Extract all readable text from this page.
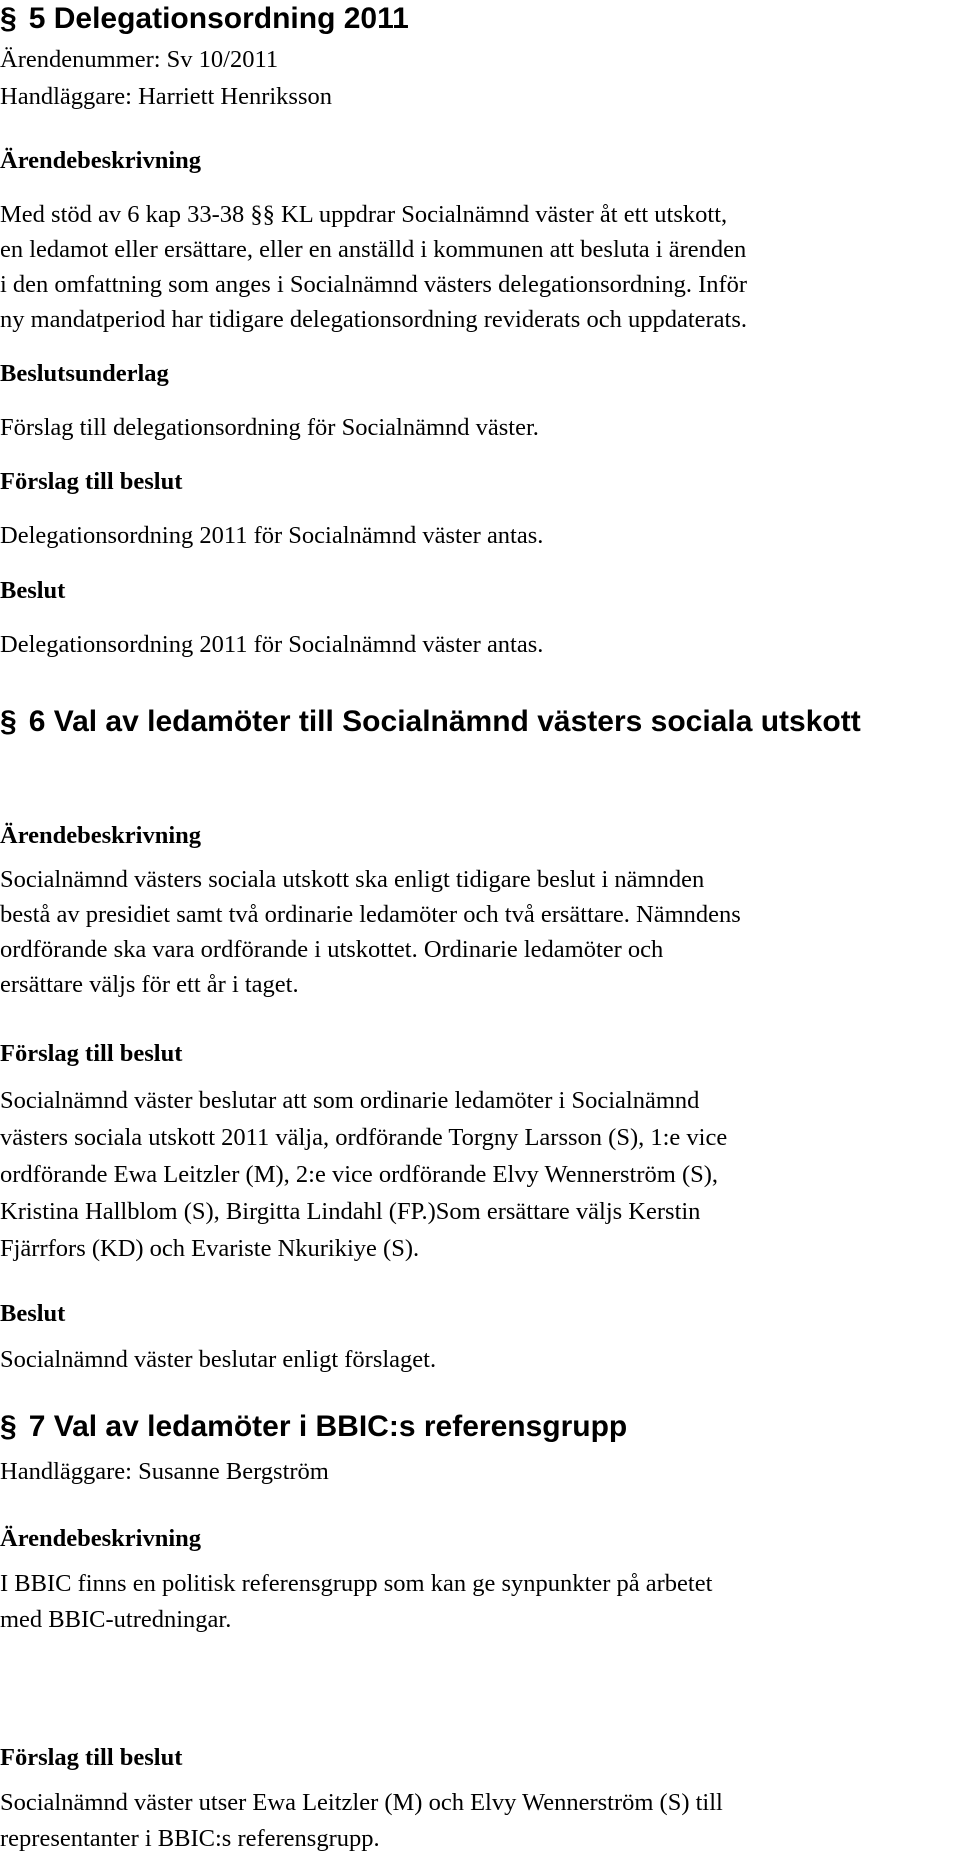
§ 5 Delegationsordning 2011

Ärendenummer: Sv 10/2011

Handläggare: Harriett Henriksson

Ärendebeskrivning

Med stöd av 6 kap 33-38 §§ KL uppdrar Socialnämnd väster åt ett utskott,

en ledamot eller ersättare, eller en anställd i kommunen att besluta i ärenden

i den omfattning som anges i Socialnämnd västers delegationsordning. Inför

ny mandatperiod har tidigare delegationsordning reviderats och uppdaterats.

Beslutsunderlag

Förslag till delegationsordning för Socialnämnd väster.

Förslag till beslut

Delegationsordning 2011 för Socialnämnd väster antas.

Beslut

Delegationsordning 2011 för Socialnämnd väster antas.

§ 6 Val av ledamöter till Socialnämnd västers sociala utskott
Ärendebeskrivning

Socialnämnd västers sociala utskott ska enligt tidigare beslut i nämnden

bestå av presidiet samt två ordinarie ledamöter och två ersättare. Nämndens

ordförande ska vara ordförande i utskottet. Ordinarie ledamöter och

ersättare väljs för ett år i taget.

Förslag till beslut

Socialnämnd väster beslutar att som ordinarie ledamöter i Socialnämnd

västers sociala utskott 2011 välja, ordförande Torgny Larsson (S), 1:e vice

ordförande Ewa Leitzler (M), 2:e vice ordförande Elvy Wennerström (S),

Kristina Hallblom (S), Birgitta Lindahl (FP.)Som ersättare väljs Kerstin

Fjärrfors (KD) och Evariste Nkurikiye (S).

Beslut

Socialnämnd väster beslutar enligt förslaget.

§ 7 Val av ledamöter i BBIC:s referensgrupp

Handläggare: Susanne Bergström

Ärendebeskrivning

I BBIC finns en politisk referensgrupp som kan ge synpunkter på arbetet

med BBIC-utredningar.

Förslag till beslut

Socialnämnd väster utser Ewa Leitzler (M) och Elvy Wennerström (S) till

representanter i BBIC:s referensgrupp.
